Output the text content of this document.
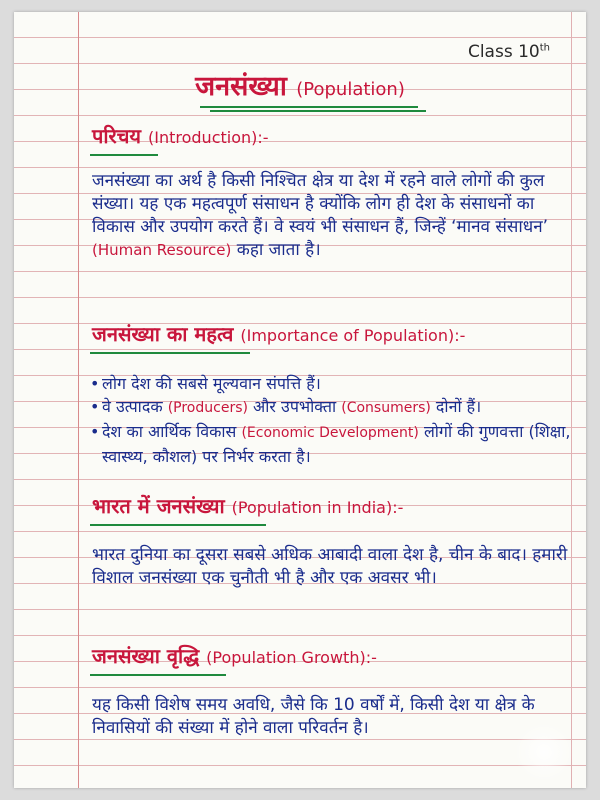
Class 10th
जनसंख्या (Population)
परिचय (Introduction):-
जनसंख्या का अर्थ है किसी निश्चित क्षेत्र या देश में रहने वाले लोगों की कुल संख्या। यह एक महत्वपूर्ण संसाधन है क्योंकि लोग ही देश के संसाधनों का विकास और उपयोग करते हैं। वे स्वयं भी संसाधन हैं, जिन्हें ‘मानव संसाधन’ (Human Resource) कहा जाता है।
जनसंख्या का महत्व (Importance of Population):-
• लोग देश की सबसे मूल्यवान संपत्ति हैं।
• वे उत्पादक (Producers) और उपभोक्ता (Consumers) दोनों हैं।
• देश का आर्थिक विकास (Economic Development) लोगों की गुणवत्ता (शिक्षा, स्वास्थ्य, कौशल) पर निर्भर करता है।
भारत में जनसंख्या (Population in India):-
भारत दुनिया का दूसरा सबसे अधिक आबादी वाला देश है, चीन के बाद। हमारी विशाल जनसंख्या एक चुनौती भी है और एक अवसर भी।
जनसंख्या वृद्धि (Population Growth):-
यह किसी विशेष समय अवधि, जैसे कि 10 वर्षों में, किसी देश या क्षेत्र के निवासियों की संख्या में होने वाला परिवर्तन है।
